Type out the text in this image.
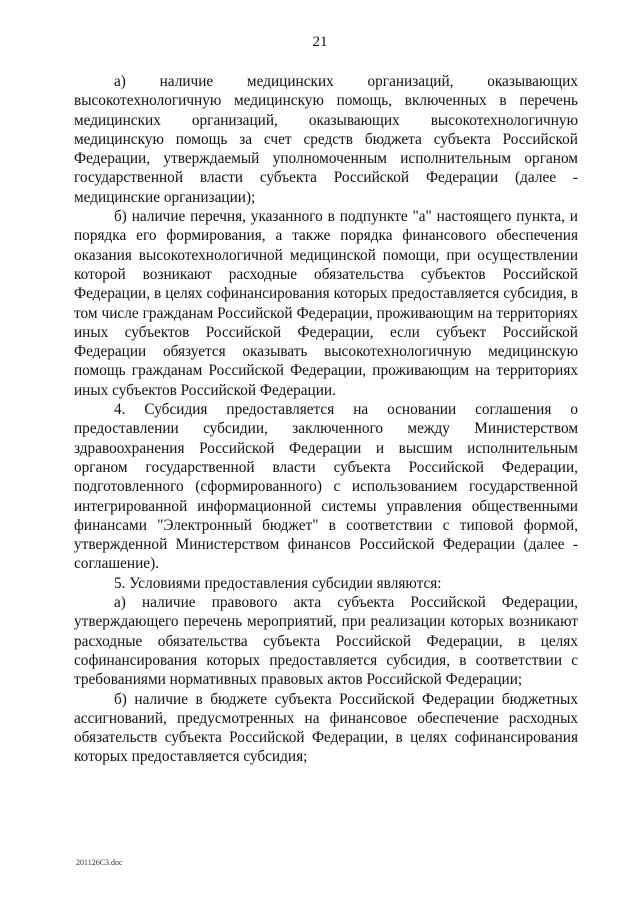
21

а) наличие медицинских организаций, оказывающих высокотехнологичную медицинскую помощь, включенных в перечень медицинских организаций, оказывающих высокотехнологичную медицинскую помощь за счет средств бюджета субъекта Российской Федерации, утверждаемый уполномоченным исполнительным органом государственной власти субъекта Российской Федерации (далее - медицинские организации);

б) наличие перечня, указанного в подпункте "а" настоящего пункта, и порядка его формирования, а также порядка финансового обеспечения оказания высокотехнологичной медицинской помощи, при осуществлении которой возникают расходные обязательства субъектов Российской Федерации, в целях софинансирования которых предоставляется субсидия, в том числе гражданам Российской Федерации, проживающим на территориях иных субъектов Российской Федерации, если субъект Российской Федерации обязуется оказывать высокотехнологичную медицинскую помощь гражданам Российской Федерации, проживающим на территориях иных субъектов Российской Федерации.

4. Субсидия предоставляется на основании соглашения о предоставлении субсидии, заключенного между Министерством здравоохранения Российской Федерации и высшим исполнительным органом государственной власти субъекта Российской Федерации, подготовленного (сформированного) с использованием государственной интегрированной информационной системы управления общественными финансами "Электронный бюджет" в соответствии с типовой формой, утвержденной Министерством финансов Российской Федерации (далее - соглашение).

5. Условиями предоставления субсидии являются:

а) наличие правового акта субъекта Российской Федерации, утверждающего перечень мероприятий, при реализации которых возникают расходные обязательства субъекта Российской Федерации, в целях софинансирования которых предоставляется субсидия, в соответствии с требованиями нормативных правовых актов Российской Федерации;

б) наличие в бюджете субъекта Российской Федерации бюджетных ассигнований, предусмотренных на финансовое обеспечение расходных обязательств субъекта Российской Федерации, в целях софинансирования которых предоставляется субсидия;

201126C3.doc
